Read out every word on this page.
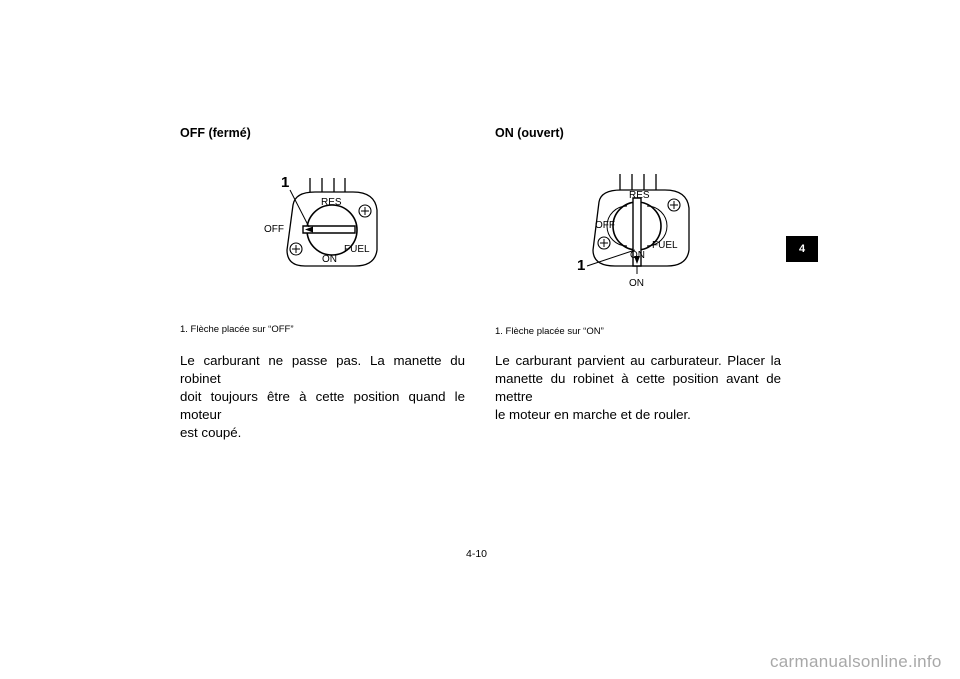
OFF (fermé)
1
RES
OFF
FUEL
ON
1. Flèche placée sur “OFF”
Le carburant ne passe pas. La manette du robinet
doit toujours être à cette position quand le moteur
est coupé.
ON (ouvert)
1
RES
OFF
FUEL
ON
ON
1. Flèche placée sur “ON”
Le carburant parvient au carburateur. Placer la
manette du robinet à cette position avant de mettre
le moteur en marche et de rouler.
4
4-10
carmanualsonline.info
